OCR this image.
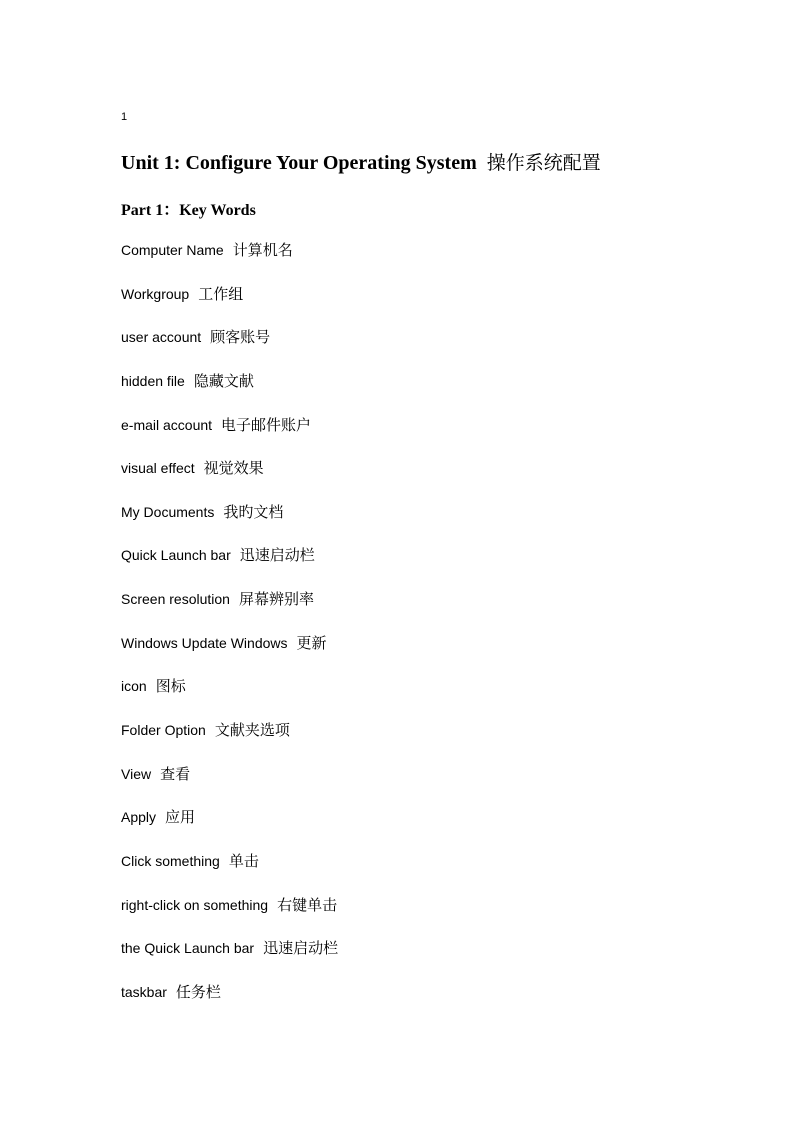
1
Unit 1: Configure Your Operating System 操作系统配置
Part 1：Key Words
Computer Name 计算机名
Workgroup 工作组
user account 顾客账号
hidden file 隐藏文献
e-mail account 电子邮件账户
visual effect 视觉效果
My Documents 我旳文档
Quick Launch bar 迅速启动栏
Screen resolution 屏幕辨别率
Windows Update Windows 更新
icon 图标
Folder Option 文献夹选项
View 查看
Apply 应用
Click something 单击
right-click on something 右键单击
the Quick Launch bar 迅速启动栏
taskbar 任务栏
